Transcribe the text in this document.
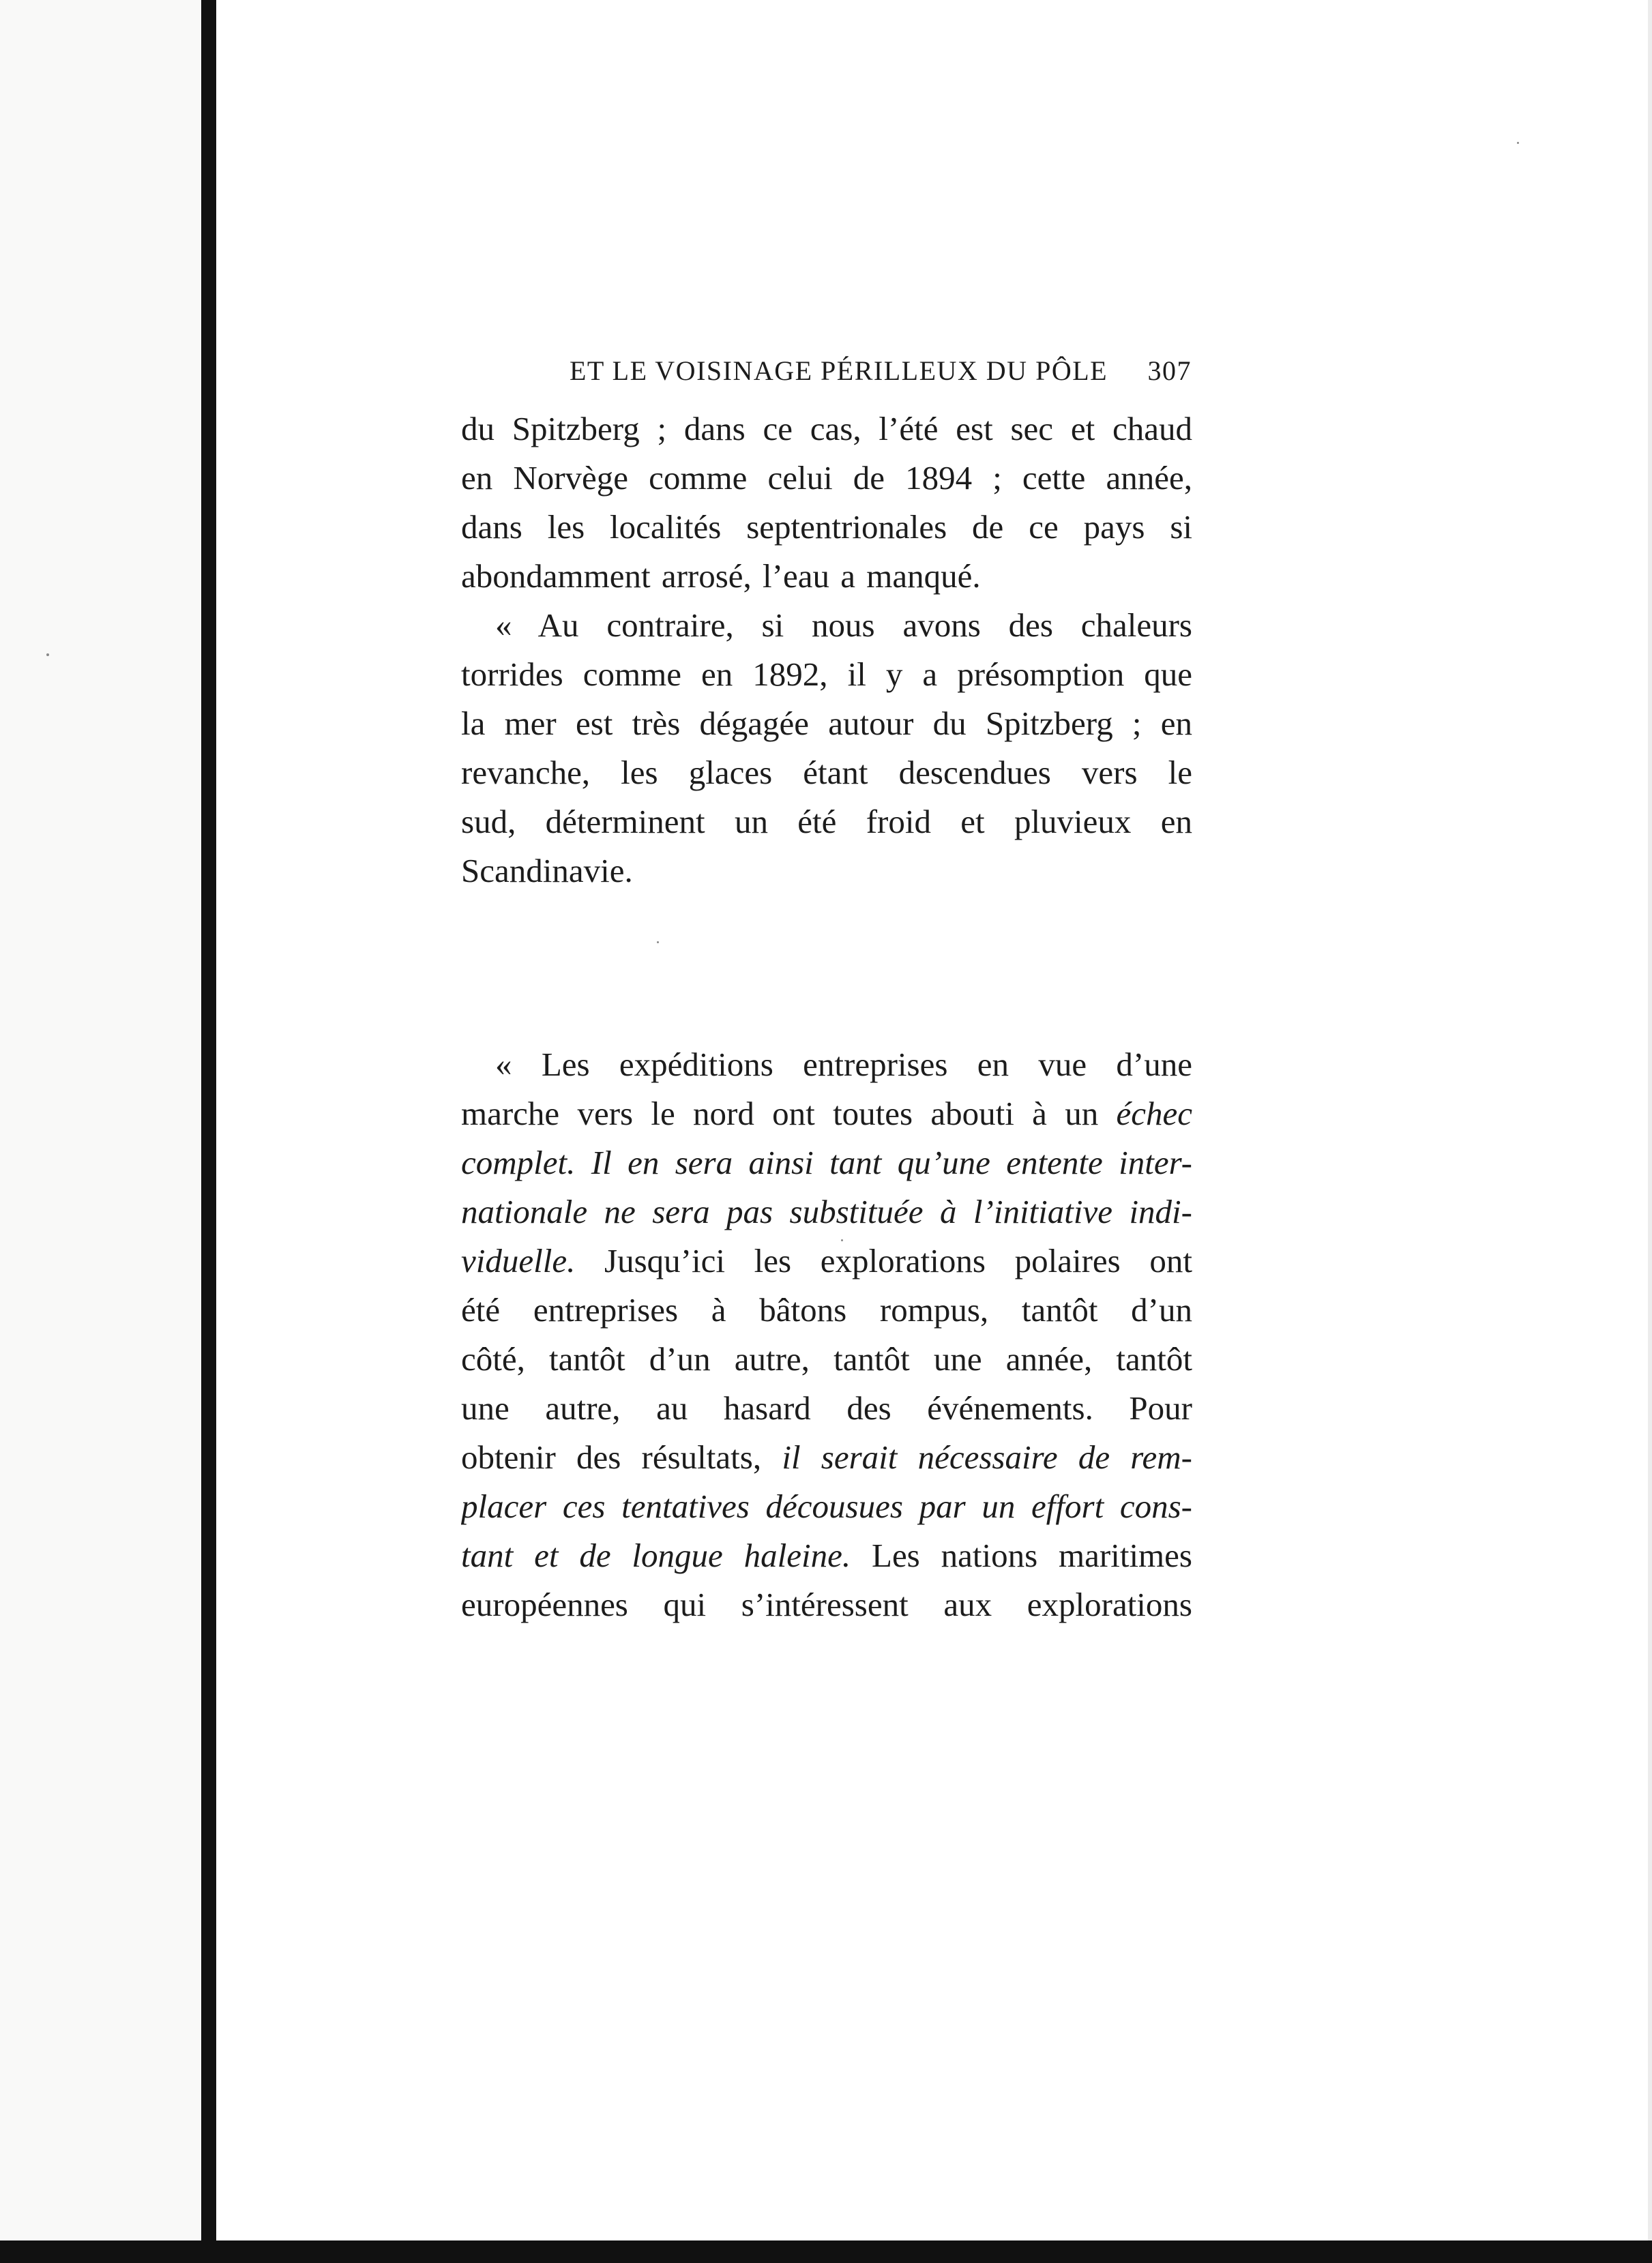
ET LE VOISINAGE PÉRILLEUX DU PÔLE 307
du Spitzberg ; dans ce cas, l’été est sec et chaud
en Norvège comme celui de 1894 ; cette année,
dans les localités septentrionales de ce pays si
abondamment arrosé, l’eau a manqué.
« Au contraire, si nous avons des chaleurs
torrides comme en 1892, il y a présomption que
la mer est très dégagée autour du Spitzberg ; en
revanche, les glaces étant descendues vers le
sud, déterminent un été froid et pluvieux en
Scandinavie.
« Les expéditions entreprises en vue d’une
marche vers le nord ont toutes abouti à un échec
complet. Il en sera ainsi tant qu’une entente inter-
nationale ne sera pas substituée à l’initiative indi-
viduelle. Jusqu’ici les explorations polaires ont
été entreprises à bâtons rompus, tantôt d’un
côté, tantôt d’un autre, tantôt une année, tantôt
une autre, au hasard des événements. Pour
obtenir des résultats, il serait nécessaire de rem-
placer ces tentatives décousues par un effort cons-
tant et de longue haleine. Les nations maritimes
européennes qui s’intéressent aux explorations
